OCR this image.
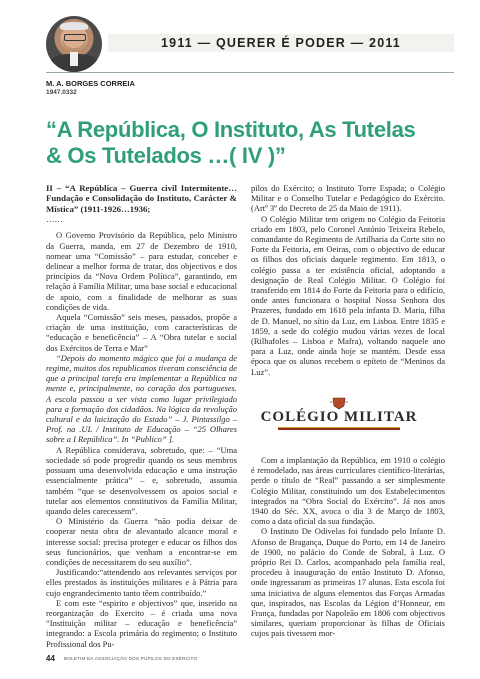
1911 — QUERER É PODER — 2011
M. A. BORGES CORREIA
1947.0332
“A República, O Instituto, As Tutelas
& Os Tutelados …( IV )”

II – “A República – Guerra civil Intermitente… Fundação e Consolidação do Instituto, Carácter & Mística” (1911-1926…1936;

……

O Governo Provisório da República, pelo Ministro da Guerra, manda, em 27 de Dezembro de 1910, nomear uma “Comissão” – para estudar, conceber e delinear a melhor forma de tratar, dos objectivos e dos princípios da “Nova Ordem Política”, garantindo, em relação à Família Militar, uma base social e educacional de apoio, com a finalidade de melhorar as suas condições de vida.

Aquela “Comissão” seis meses, passados, propõe a criação de uma instituição, com características de “educação e beneficência” – A “Obra tutelar e social dos Exércitos de Terra e Mar”

“Depois do momento mágico que foi a mudança de regime, muitos dos republicanos tiveram consciência de que a principal tarefa era implementar a República na mente e, principalmente, no coração dos portugueses. A escola passou a ser vista como lugar privilegiado para a formação dos cidadãos. Na lógica da revolução cultural e da laicização do Estado” – J. Pintassilgo – Prof. na .UL / Instituto de Educação – “25 Olhares sobre a I República”. In “Publico” ].

A República considerava, sobretudo, que: – “Uma sociedade só pode progredir quando os seus membros possuam uma desenvolvida educação e uma instrução essencialmente prática” – e, sobretudo, assumia também “que se desenvolvessem os apoios social e tutelar aos elementos constitutivos da Família Militar, quando deles carecessem”.

O Ministério da Guerra “não podia deixar de cooperar nesta obra de alevantado alcance moral e interesse social: precisa proteger e educar os filhos dos seus funcionários, que venham a encontrar-se em condições de necessitarem do seu auxílio”.

Justificando:“attendendo aos relevantes serviços por elles prestados às instituições militares e à Pátria para cujo engrandecimento tanto têem contribuído.”

E com este “espirito e objectivos” que, inserido na reorganização do Exercito – é criada uma nova “Instituição militar – educação e beneficência” integrando: a Escola primária do regimento; o Instituto Profissional dos Pu-

pilos do Exército; o Instituto Torre Espada; o Colégio Militar e o Conselho Tutelar e Pedagógico do Exército. (Artº 3º do Decreto de 25 da Maio de 1911).

O Colégio Militar tem origem no Colégio da Feitoria criado em 1803, pelo Coronel António Teixeira Rebelo, comandante do Regimento de Artilharia da Corte sito no Forte da Feitoria, em Oeiras, com o objectivo de educar os filhos dos oficiais daquele regimento. Em 1813, o colégio passa a ter existência oficial, adoptando a designação de Real Colégio Militar. O Colégio foi transferido em 1814 do Forte da Feitoria para o edifício, onde antes funcionara o hospital Nossa Senhora dos Prazeres, fundado em 1618 pela infanta D. Maria, filha de D. Manuel, no sítio da Luz, em Lisboa. Entre 1835 e 1859, a sede do colégio mudou várias vezes de local (Rilhafoles – Lisboa e Mafra), voltando naquele ano para a Luz, onde ainda hoje se mantém. Desde essa época que os alunos recebem o epíteto de “Meninos da Luz”.

COLÉGIO MILITAR

Com a implantação da República, em 1910 o colégio é remodelado, nas áreas curriculares científico-literárias, perde o título de “Real” passando a ser simplesmente Colégio Militar, constituindo um dos Estabelecimentos integrados na “Obra Social do Exército”. Já nos anos 1940 do Séc. XX, avoca o dia 3 de Março de 1803, como a data oficial da sua fundação.

O Instituto De Odivelas foi fundado pelo Infante D. Afonso de Bragança, Duque do Porto, em 14 de Janeiro de 1900, no palácio do Conde de Sobral, à Luz. O próprio Rei D. Carlos, acompanhado pela família real, procedeu à inauguração do então Instituto D. Afonso, onde ingressaram as primeiras 17 alunas. Esta escola foi uma iniciativa de alguns elementos das Forças Armadas que, inspirados, nas Escolas da Légion d’Honneur, em França, fundadas por Napoleão em 1806 com objectivos similares, queriam proporcionar às filhas de Oficiais cujos pais tivessem mor-

44 BOLETIM DA ASSOCIAÇÃO DOS PUPILOS DO EXÉRCITO
